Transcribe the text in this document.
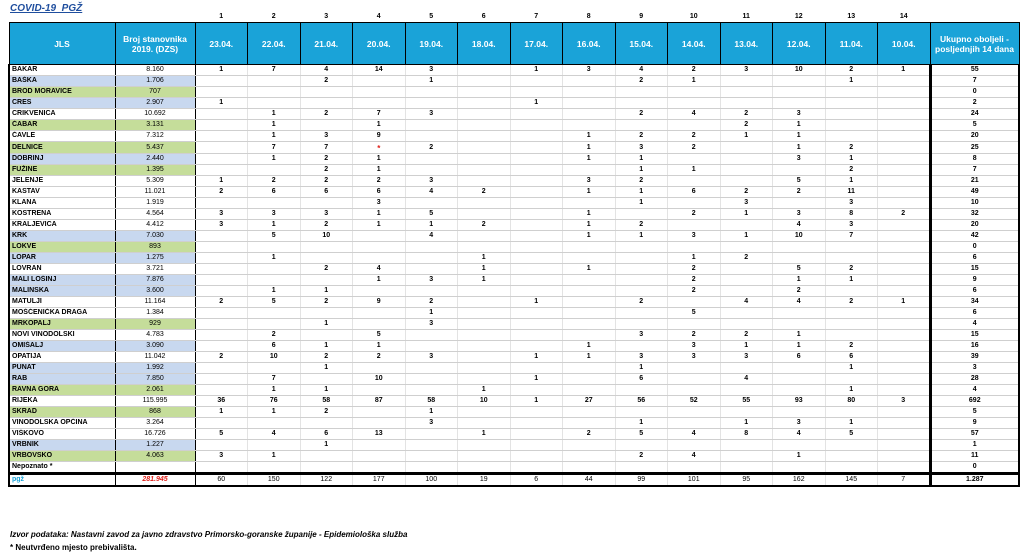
COVID-19  PGŽ
		1	2	3	4	5	6	7	8	9	10	11	12	13	14	
JLS	Broj stanovnika 2019. (DZS)	23.04.	22.04.	21.04.	20.04.	19.04.	18.04.	17.04.	16.04.	15.04.	14.04.	13.04.	12.04.	11.04.	10.04.	Ukupno oboljeli - posljednjih 14 dana
BAKAR	8.160	1	7	4	14	3		1	3	4	2	3	10	2	1	55
BAŠKA	1.706			2		1				2	1			1		7
BROD MORAVICE	707															0
CRES	2.907	1						1								2
CRIKVENICA	10.692		1	2	7	3				2	4	2	3			24
ČABAR	3.131		1		1							2	1			5
ČAVLE	7.312		1	3	9				1	2	2	1	1			20
DELNICE	5.437		7	7	*	2			1	3	2		1	2		25
DOBRINJ	2.440		1	2	1				1	1			3	1		8
FUŽINE	1.395			2	1					1	1			2		7
JELENJE	5.309	1	2	2	2	3			3	2			5	1		21
KASTAV	11.021	2	6	6	6	4	2		1	1	6	2	2	11		49
KLANA	1.919				3					1		3		3		10
KOSTRENA	4.564	3	3	3	1	5			1		2	1	3	8	2	32
KRALJEVICA	4.412	3	1	2	1	1	2		1	2			4	3		20
KRK	7.030		5	10		4			1	1	3	1	10	7		42
LOKVE	893															0
LOPAR	1.275		1				1				1	2				6
LOVRAN	3.721			2	4		1		1		2		5	2		15
MALI LOŠINJ	7.876				1	3	1				2		1	1		9
MALINSKA	3.600		1	1							2		2			6
MATULJI	11.164	2	5	2	9	2		1		2		4	4	2	1	34
MOŠĆENIČKA DRAGA	1.384					1					5					6
MRKOPALJ	929			1		3										4
NOVI VINODOLSKI	4.783		2		5					3	2	2	1			15
OMIŠALJ	3.090		6	1	1				1		3	1	1	2		16
OPATIJA	11.042	2	10	2	2	3		1	1	3	3	3	6	6		39
PUNAT	1.992			1						1				1		3
RAB	7.850		7		10			1		6		4				28
RAVNA GORA	2.061		1	1			1							1		4
RIJEKA	115.995	36	76	58	87	58	10	1	27	56	52	55	93	80	3	692
SKRAD	868	1	1	2		1										5
VINODOLSKA OPĆINA	3.264					3				1		1	3	1		9
VIŠKOVO	16.726	5	4	6	13		1		2	5	4	8	4	5		57
VRBNIK	1.227			1												1
VRBOVSKO	4.063	3	1							2	4		1			11
Nepoznato *																0
pgž	281.945	60	150	122	177	100	19	6	44	99	101	95	162	145	7	1.287
Izvor podataka: Nastavni zavod za javno zdravstvo Primorsko-goranske županije - Epidemiološka služba
* Neutvrđeno mjesto prebivališta.
